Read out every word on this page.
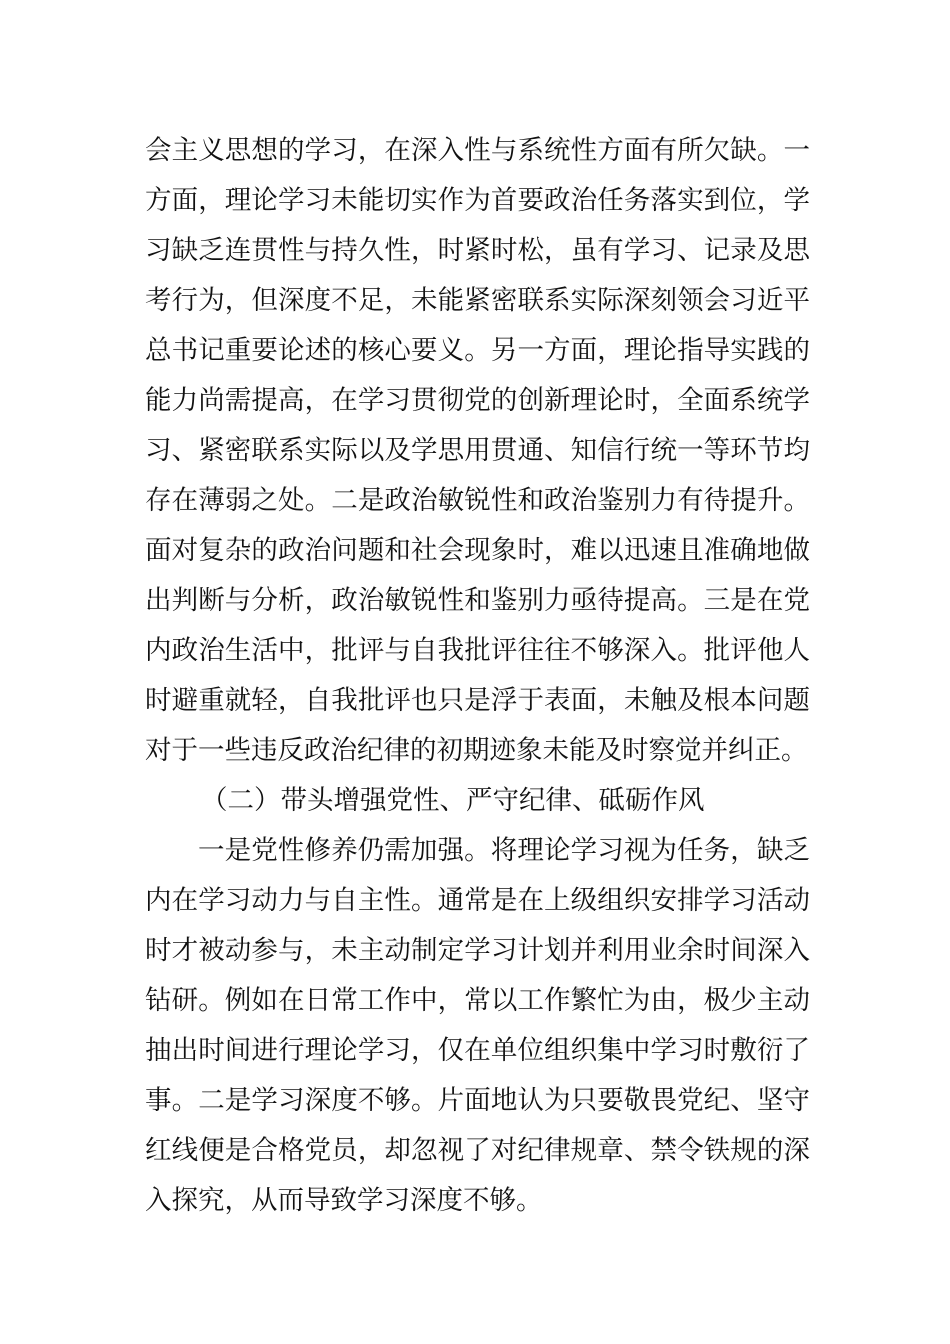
会主义思想的学习，在深入性与系统性方面有所欠缺。一
方面，理论学习未能切实作为首要政治任务落实到位，学
习缺乏连贯性与持久性，时紧时松，虽有学习、记录及思
考行为，但深度不足，未能紧密联系实际深刻领会习近平
总书记重要论述的核心要义。另一方面，理论指导实践的
能力尚需提高，在学习贯彻党的创新理论时，全面系统学
习、紧密联系实际以及学思用贯通、知信行统一等环节均
存在薄弱之处。二是政治敏锐性和政治鉴别力有待提升。
面对复杂的政治问题和社会现象时，难以迅速且准确地做
出判断与分析，政治敏锐性和鉴别力亟待提高。三是在党
内政治生活中，批评与自我批评往往不够深入。批评他人
时避重就轻，自我批评也只是浮于表面，未触及根本问题
对于一些违反政治纪律的初期迹象未能及时察觉并纠正。
（二）带头增强党性、严守纪律、砥砺作风
一是党性修养仍需加强。将理论学习视为任务，缺乏
内在学习动力与自主性。通常是在上级组织安排学习活动
时才被动参与，未主动制定学习计划并利用业余时间深入
钻研。例如在日常工作中，常以工作繁忙为由，极少主动
抽出时间进行理论学习，仅在单位组织集中学习时敷衍了
事。二是学习深度不够。片面地认为只要敬畏党纪、坚守
红线便是合格党员，却忽视了对纪律规章、禁令铁规的深
入探究，从而导致学习深度不够。
